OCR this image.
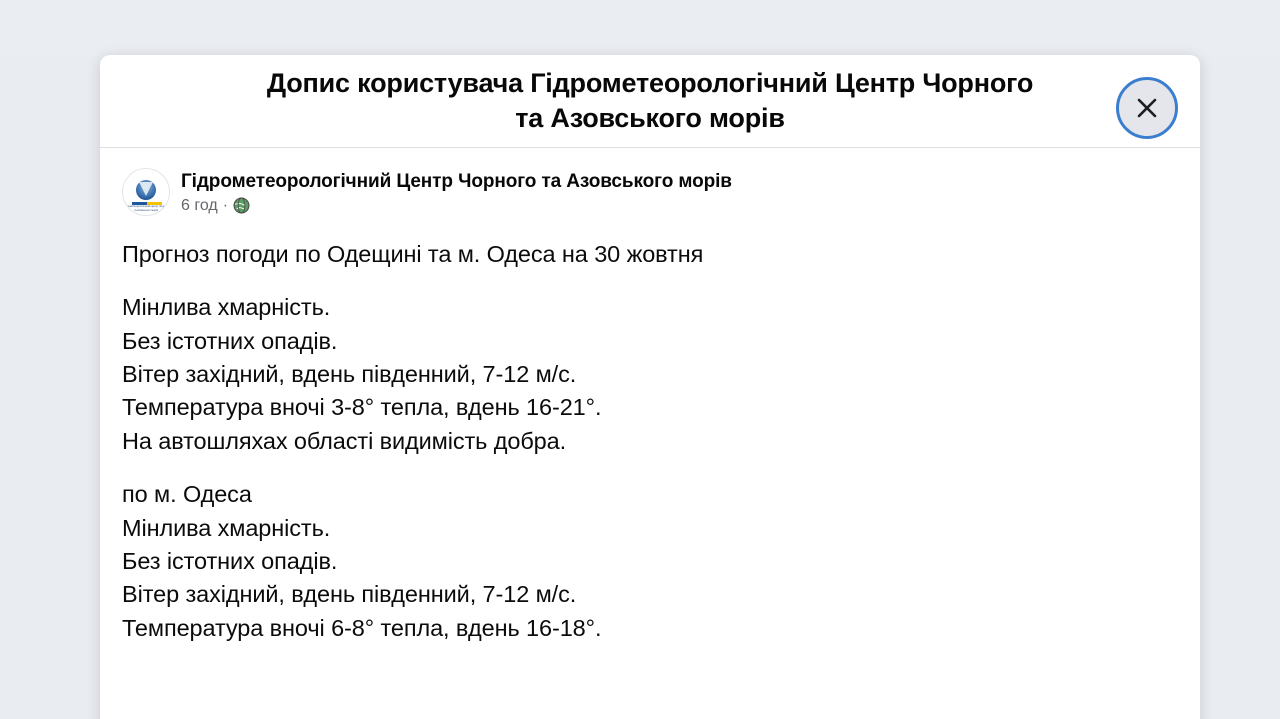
Допис користувача Гідрометеорологічний Центр Чорного та Азовського морів
Гідрометеорологічний Центр Чорного та Азовського морів
Гідрометеорологічний Центр Чорного та Азовського морів
6 год ·

Прогноз погоди по Одещині та м. Одеса на 30 жовтня

Мінлива хмарність.
Без істотних опадів.
Вітер західний, вдень південний, 7-12 м/с.
Температура вночі 3-8° тепла, вдень 16-21°.
На автошляхах області видимість добра.

по м. Одеса
Мінлива хмарність.
Без істотних опадів.
Вітер західний, вдень південний, 7-12 м/с.
Температура вночі 6-8° тепла, вдень 16-18°.
